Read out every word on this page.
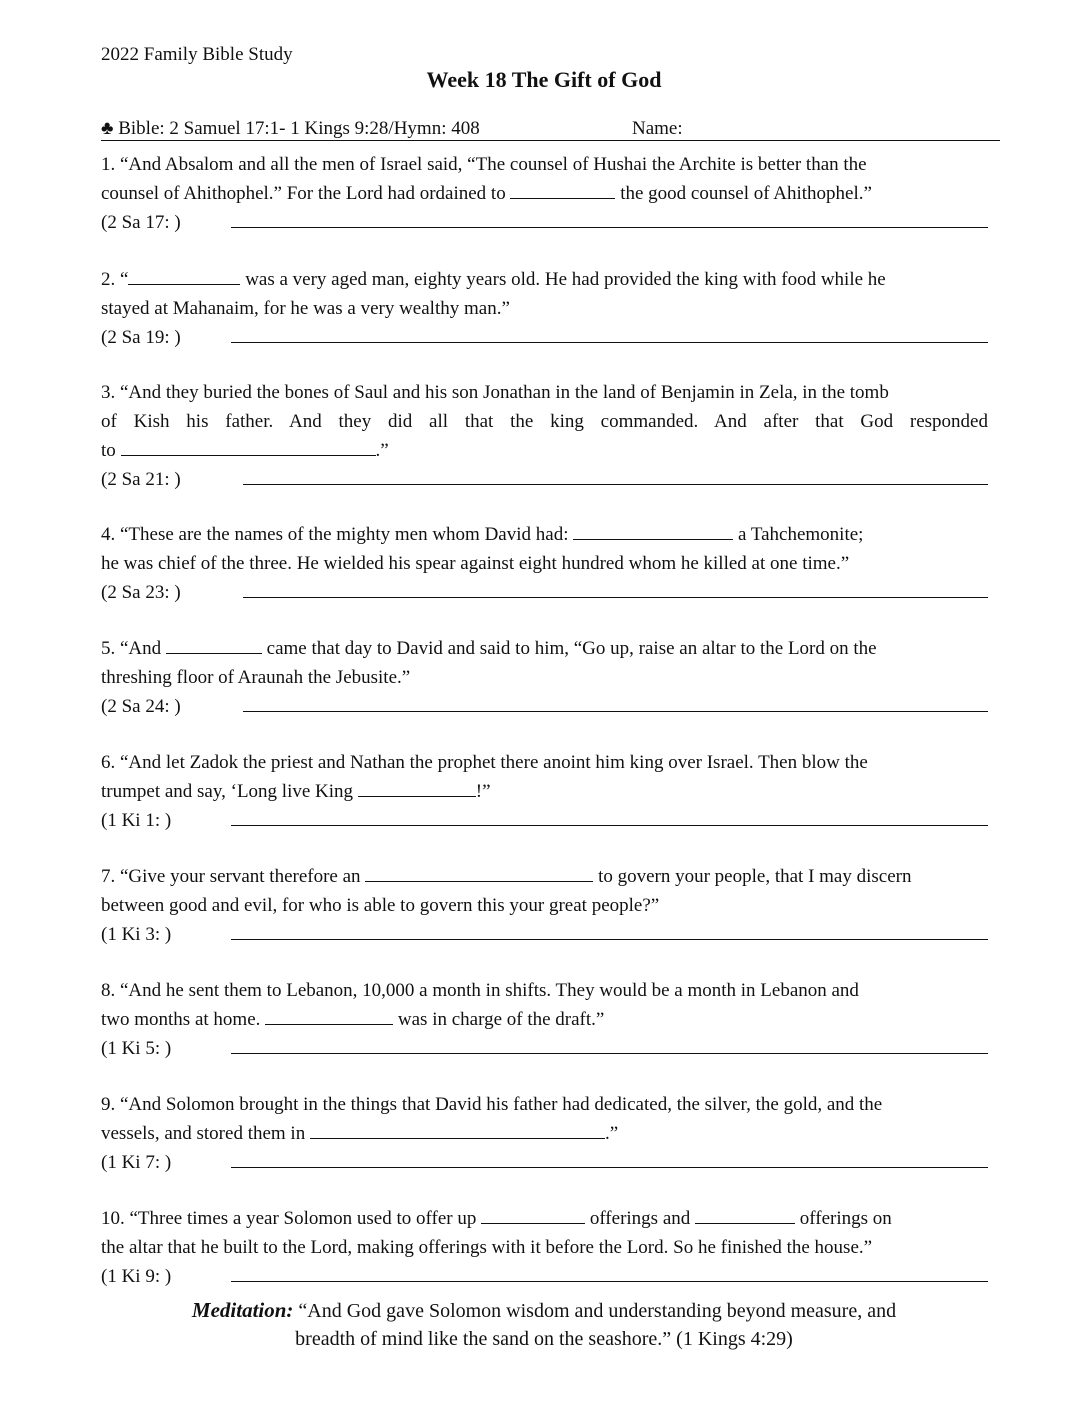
2022 Family Bible Study
Week 18 The Gift of God
♣ Bible: 2 Samuel 17:1- 1 Kings 9:28/Hymn: 408	Name:
1. “And Absalom and all the men of Israel said, “The counsel of Hushai the Archite is better than the
counsel of Ahithophel.” For the Lord had ordained to	the good counsel of Ahithophel.”
(2 Sa 17: )
2. “	was a very aged man, eighty years old. He had provided the king with food while he
stayed at Mahanaim, for he was a very wealthy man.”
(2 Sa 19: )
3. “And they buried the bones of Saul and his son Jonathan in the land of Benjamin in Zela, in the tomb
of Kish his father. And they did all that the king commanded. And after that God responded
to	.”
(2 Sa 21: )
4. “These are the names of the mighty men whom David had:	a Tahchemonite;
he was chief of the three. He wielded his spear against eight hundred whom he killed at one time.”
(2 Sa 23: )
5. “And	came that day to David and said to him, “Go up, raise an altar to the Lord on the
threshing floor of Araunah the Jebusite.”
(2 Sa 24: )
6. “And let Zadok the priest and Nathan the prophet there anoint him king over Israel. Then blow the
trumpet and say, ‘Long live King	!”
(1 Ki 1: )
7. “Give your servant therefore an	to govern your people, that I may discern
between good and evil, for who is able to govern this your great people?”
(1 Ki 3: )
8. “And he sent them to Lebanon, 10,000 a month in shifts. They would be a month in Lebanon and
two months at home.	was in charge of the draft.”
(1 Ki 5: )
9. “And Solomon brought in the things that David his father had dedicated, the silver, the gold, and the
vessels, and stored them in	.”
(1 Ki 7: )
10. “Three times a year Solomon used to offer up	offerings and	offerings on
the altar that he built to the Lord, making offerings with it before the Lord. So he finished the house.”
(1 Ki 9: )
Meditation: “And God gave Solomon wisdom and understanding beyond measure, and
breadth of mind like the sand on the seashore.” (1 Kings 4:29)
